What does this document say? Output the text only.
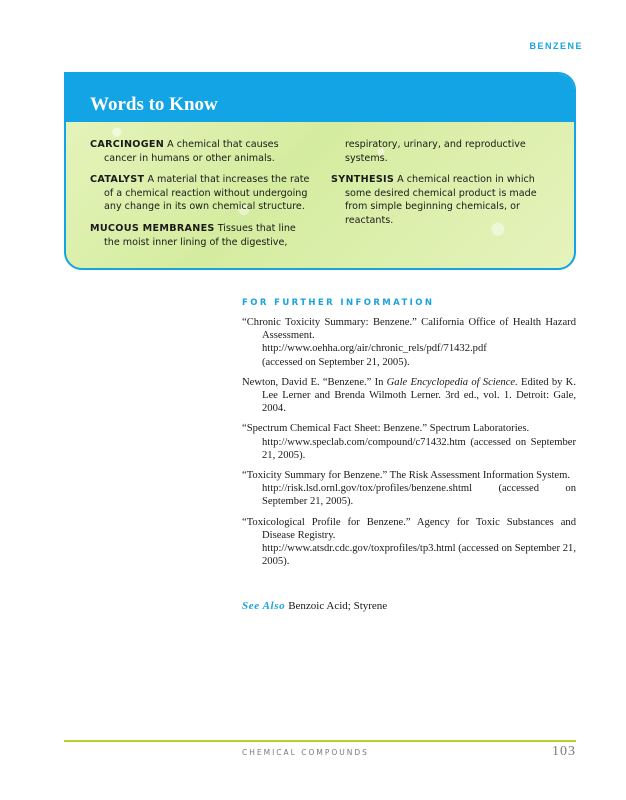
BENZENE
Words to Know

CARCINOGEN A chemical that causes cancer in humans or other animals.

CATALYST A material that increases the rate of a chemical reaction without undergoing any change in its own chemical structure.

MUCOUS MEMBRANES Tissues that line the moist inner lining of the digestive,

respiratory, urinary, and reproductive systems.

SYNTHESIS A chemical reaction in which some desired chemical product is made from simple beginning chemicals, or reactants.

FOR FURTHER INFORMATION

“Chronic Toxicity Summary: Benzene.” California Office of Health Hazard Assessment.
http://www.oehha.org/air/chronic_rels/pdf/71432.pdf
(accessed on September 21, 2005).

Newton, David E. “Benzene.” In Gale Encyclopedia of Science. Edited by K. Lee Lerner and Brenda Wilmoth Lerner. 3rd ed., vol. 1. Detroit: Gale, 2004.

“Spectrum Chemical Fact Sheet: Benzene.” Spectrum Laboratories.
http://www.speclab.com/compound/c71432.htm (accessed on September 21, 2005).

“Toxicity Summary for Benzene.” The Risk Assessment Information System.
http://risk.lsd.ornl.gov/tox/profiles/benzene.shtml (accessed on September 21, 2005).

“Toxicological Profile for Benzene.” Agency for Toxic Substances and Disease Registry.
http://www.atsdr.cdc.gov/toxprofiles/tp3.html (accessed on September 21, 2005).

See Also Benzoic Acid; Styrene
CHEMICAL COMPOUNDS	103
